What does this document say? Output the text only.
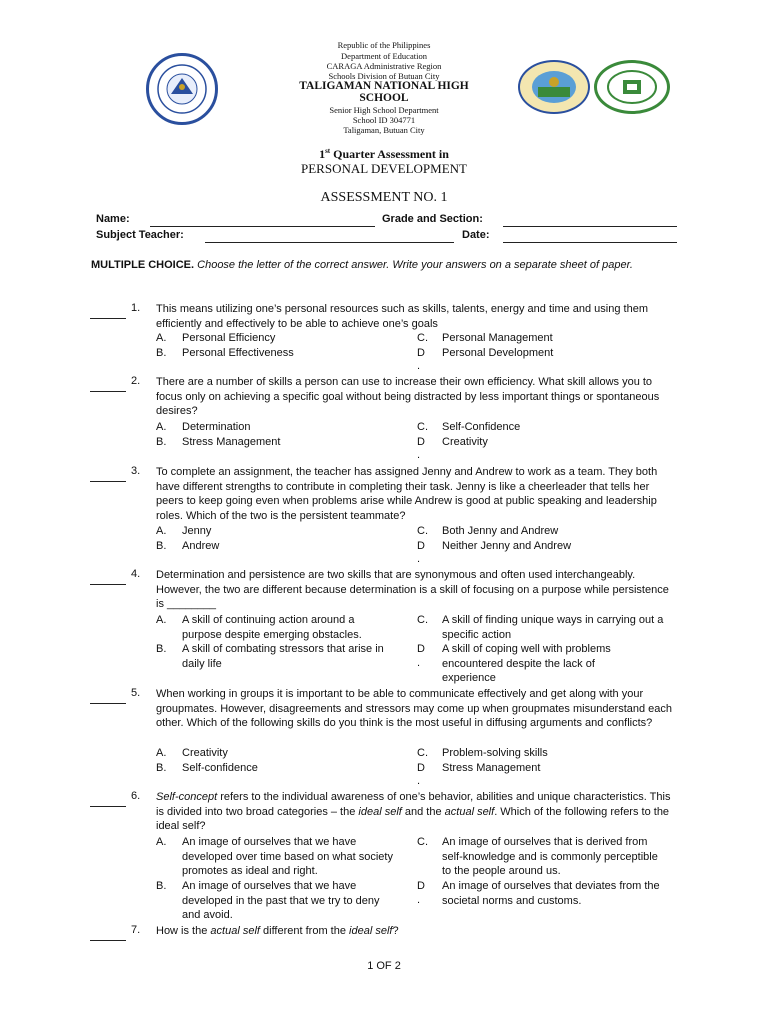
Republic of the Philippines
Department of Education
CARAGA Administrative Region
Schools Division of Butuan City
TALIGAMAN NATIONAL HIGH
SCHOOL
Senior High School Department
School ID 304771
Taligaman, Butuan City
1st Quarter Assessment in
PERSONAL DEVELOPMENT
ASSESSMENT NO. 1
Name:	Grade and Section:
Subject Teacher:	Date:
MULTIPLE CHOICE. Choose the letter of the correct answer. Write your answers on a separate sheet of paper.
1. This means utilizing one’s personal resources such as skills, talents, energy and time and using them efficiently and effectively to be able to achieve one’s goals
A. Personal Efficiency
B. Personal Effectiveness
C. Personal Management
D
.
Personal Development
2. There are a number of skills a person can use to increase their own efficiency. What skill allows you to focus only on achieving a specific goal without being distracted by less important things or spontaneous desires?
A. Determination
B. Stress Management
C. Self-Confidence
D
.
Creativity
3. To complete an assignment, the teacher has assigned Jenny and Andrew to work as a team. They both have different strengths to contribute in completing their task. Jenny is like a cheerleader that tells her peers to keep going even when problems arise while Andrew is good at public speaking and leadership roles. Which of the two is the persistent teammate?
A. Jenny
B. Andrew
C. Both Jenny and Andrew
D
.
Neither Jenny and Andrew
4. Determination and persistence are two skills that are synonymous and often used interchangeably. However, the two are different because determination is a skill of focusing on a purpose while persistence is ________
A. A skill of continuing action around a purpose despite emerging obstacles.
B. A skill of combating stressors that arise in daily life
C. A skill of finding unique ways in carrying out a specific action
D
.
A skill of coping well with problems encountered despite the lack of experience
5. When working in groups it is important to be able to communicate effectively and get along with your groupmates. However, disagreements and stressors may come up when groupmates misunderstand each other. Which of the following skills do you think is the most useful in diffusing arguments and conflicts?
A. Creativity
B. Self-confidence
C. Problem-solving skills
D
.
Stress Management
6. Self-concept refers to the individual awareness of one’s behavior, abilities and unique characteristics. This is divided into two broad categories – the ideal self and the actual self. Which of the following refers to the ideal self?
A. An image of ourselves that we have developed over time based on what society promotes as ideal and right.
B. An image of ourselves that we have developed in the past that we try to deny and avoid.
C. An image of ourselves that is derived from self-knowledge and is commonly perceptible to the people around us.
D
.
An image of ourselves that deviates from the societal norms and customs.
7. How is the actual self different from the ideal self?
1 OF 2
